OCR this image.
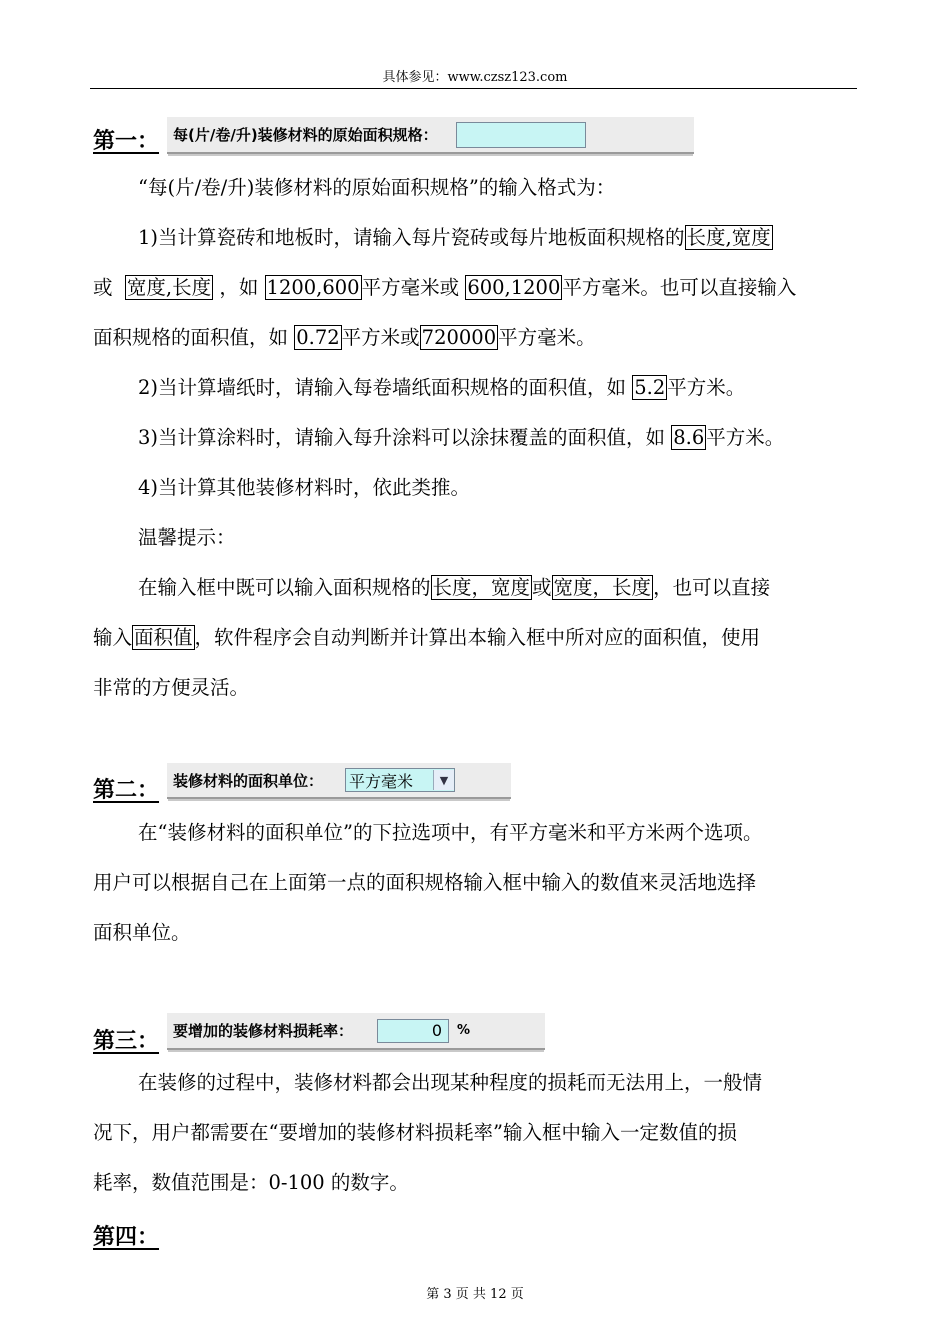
具体参见：www.czsz123.com
第一： 每(片/卷/升)装修材料的原始面积规格：
“每(片/卷/升)装修材料的原始面积规格”的输入格式为：
1)当计算瓷砖和地板时，请输入每片瓷砖或每片地板面积规格的 长度,宽度
或 宽度,长度 ，如 1200,600 平方毫米或 600,1200 平方毫米。也可以直接输入
面积规格的面积值，如 0.72 平方米或 720000 平方毫米。
2)当计算墙纸时，请输入每卷墙纸面积规格的面积值，如 5.2 平方米。
3)当计算涂料时，请输入每升涂料可以涂抹覆盖的面积值，如 8.6 平方米。
4)当计算其他装修材料时，依此类推。
温馨提示：
在输入框中既可以输入面积规格的 长度，宽度 或 宽度，长度 ，也可以直接
输入 面积值 ，软件程序会自动判断并计算出本输入框中所对应的面积值，使用
非常的方便灵活。
第二： 装修材料的面积单位： 平方毫米	▼
在“装修材料的面积单位”的下拉选项中，有平方毫米和平方米两个选项。
用户可以根据自己在上面第一点的面积规格输入框中输入的数值来灵活地选择
面积单位。
第三： 要增加的装修材料损耗率：	0	%
在装修的过程中，装修材料都会出现某种程度的损耗而无法用上，一般情
况下，用户都需要在“要增加的装修材料损耗率”输入框中输入一定数值的损
耗率，数值范围是：0-100 的数字。
第四：
第 3 页 共 12 页
